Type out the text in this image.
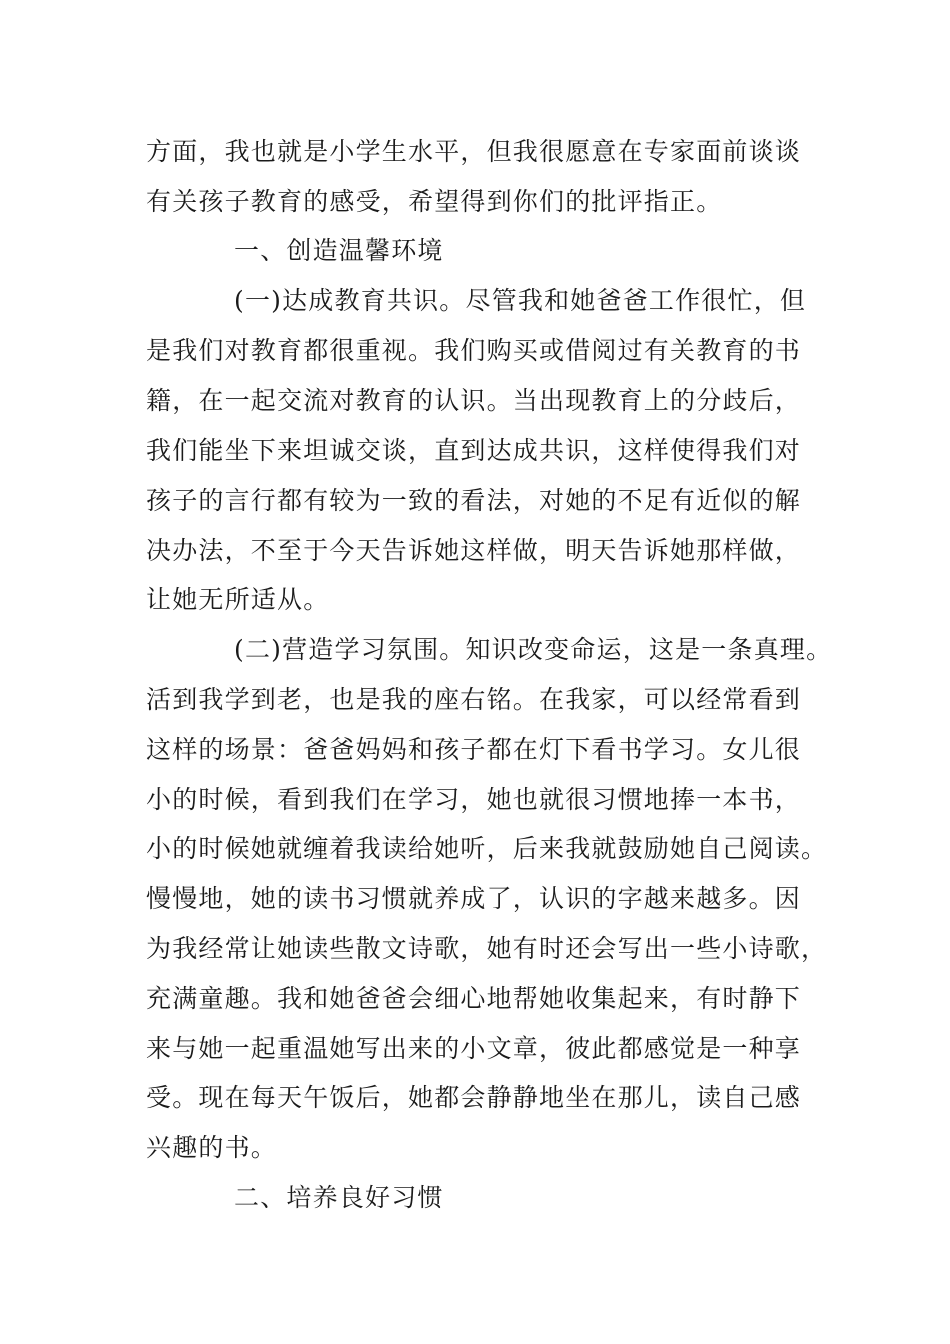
方面，我也就是小学生水平，但我很愿意在专家面前谈谈
有关孩子教育的感受，希望得到你们的批评指正。
一、创造温馨环境
(一)达成教育共识。尽管我和她爸爸工作很忙，但
是我们对教育都很重视。我们购买或借阅过有关教育的书
籍，在一起交流对教育的认识。当出现教育上的分歧后，
我们能坐下来坦诚交谈，直到达成共识，这样使得我们对
孩子的言行都有较为一致的看法，对她的不足有近似的解
决办法，不至于今天告诉她这样做，明天告诉她那样做，
让她无所适从。
(二)营造学习氛围。知识改变命运，这是一条真理。
活到我学到老，也是我的座右铭。在我家，可以经常看到
这样的场景：爸爸妈妈和孩子都在灯下看书学习。女儿很
小的时候，看到我们在学习，她也就很习惯地捧一本书，
小的时候她就缠着我读给她听，后来我就鼓励她自己阅读。
慢慢地，她的读书习惯就养成了，认识的字越来越多。因
为我经常让她读些散文诗歌，她有时还会写出一些小诗歌，
充满童趣。我和她爸爸会细心地帮她收集起来，有时静下
来与她一起重温她写出来的小文章，彼此都感觉是一种享
受。现在每天午饭后，她都会静静地坐在那儿，读自己感
兴趣的书。
二、培养良好习惯
